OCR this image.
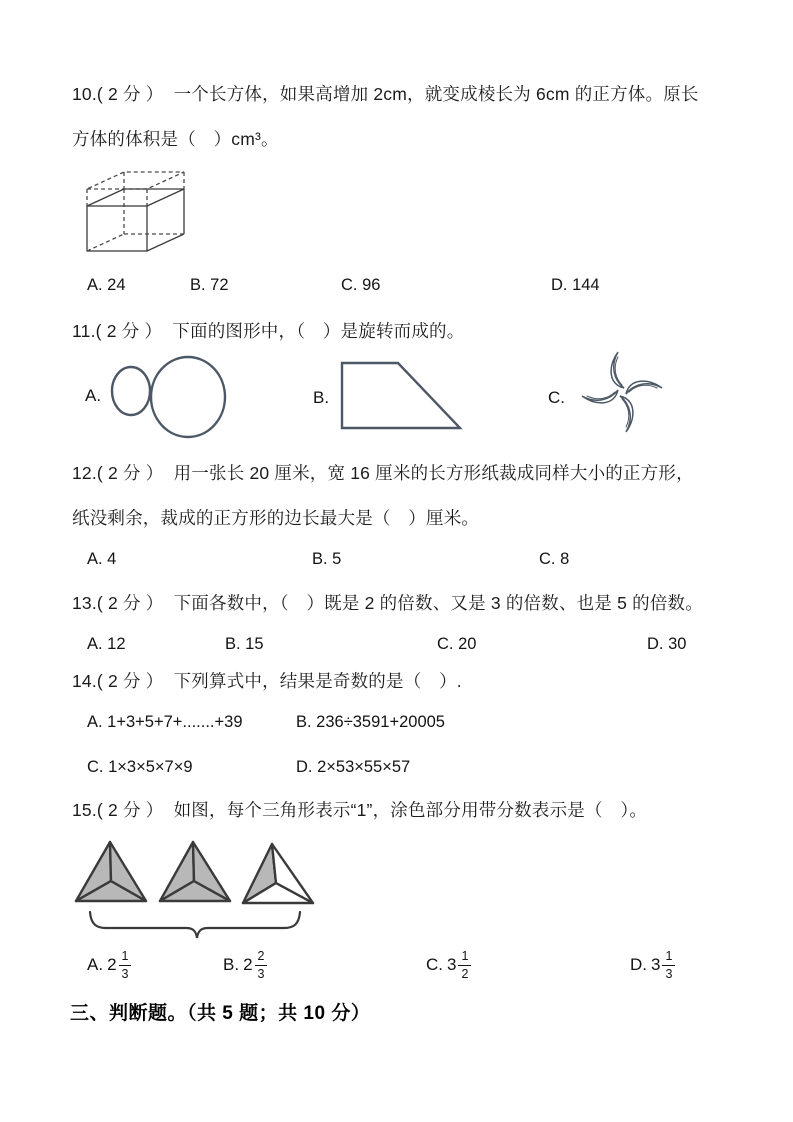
10.( 2 分 ）  一个长方体，如果高增加 2cm，就变成棱长为 6cm 的正方体。原长
方体的体积是（　）cm³。
A. 24	B. 72	C. 96	D. 144
11.( 2 分 ）  下面的图形中，（　）是旋转而成的。
A.	B.	C.
12.( 2 分 ）  用一张长 20 厘米，宽 16 厘米的长方形纸裁成同样大小的正方形，
纸没剩余，裁成的正方形的边长最大是（　）厘米。
A. 4	B. 5	C. 8
13.( 2 分 ）  下面各数中，（　）既是 2 的倍数、又是 3 的倍数、也是 5 的倍数。
A. 12	B. 15	C. 20	D. 30
14.( 2 分 ）  下列算式中，结果是奇数的是（　）.
A. 1+3+5+7+.......+39	B. 236÷3591+20005
C. 1×3×5×7×9	D. 2×53×55×57
15.( 2 分 ）  如图，每个三角形表示“1”，涂色部分用带分数表示是（　）。
A. $2 \frac{1}{3}$	B. $2 \frac{2}{3}$	C. $3 \frac{1}{2}$	D. $3 \frac{1}{3}$
三、判断题。（共 5 题；共 10 分）
